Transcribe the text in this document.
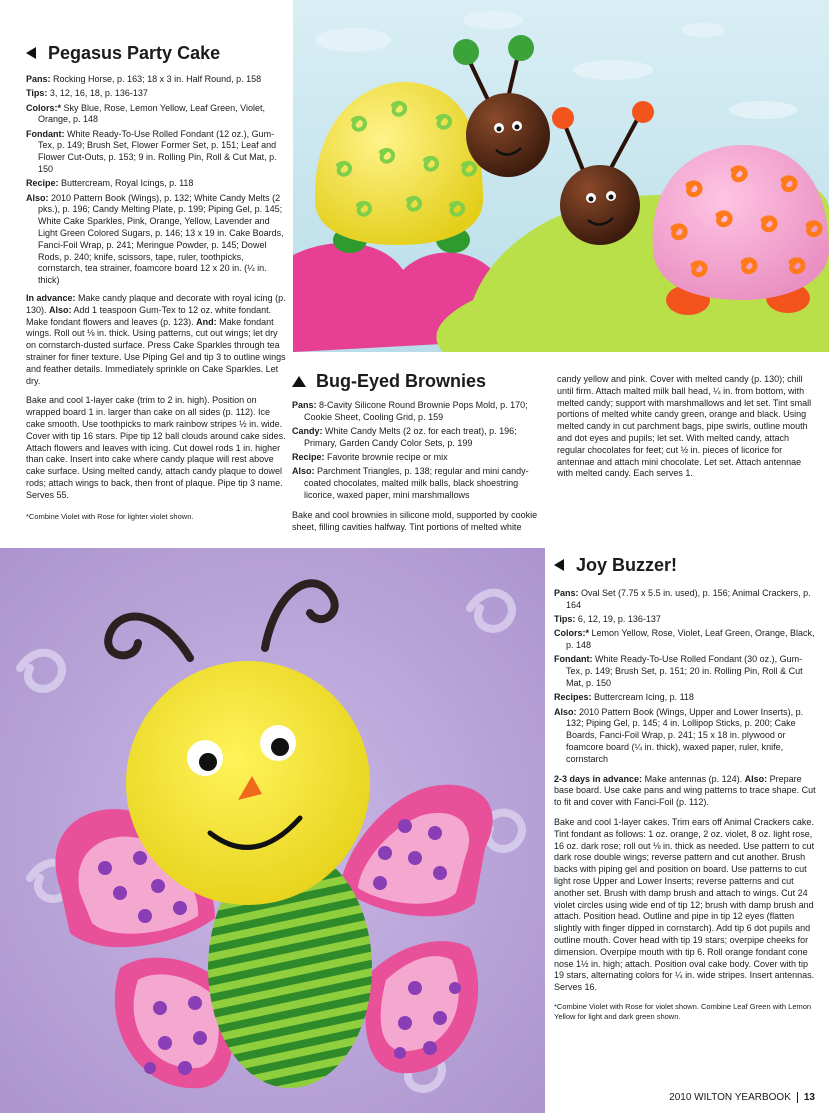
Pegasus Party Cake

Pans: Rocking Horse, p. 163; 18 x 3 in. Half Round, p. 158

Tips: 3, 12, 16, 18, p. 136-137

Colors:* Sky Blue, Rose, Lemon Yellow, Leaf Green, Violet, Orange, p. 148

Fondant: White Ready-To-Use Rolled Fondant (12 oz.), Gum-Tex, p. 149; Brush Set, Flower Former Set, p. 151; Leaf and Flower Cut-Outs, p. 153; 9 in. Rolling Pin, Roll & Cut Mat, p. 150

Recipe: Buttercream, Royal Icings, p. 118

Also: 2010 Pattern Book (Wings), p. 132; White Candy Melts (2 pks.), p. 196; Candy Melting Plate, p. 199; Piping Gel, p. 145; White Cake Sparkles, Pink, Orange, Yellow, Lavender and Light Green Colored Sugars, p. 146; 13 x 19 in. Cake Boards, Fanci-Foil Wrap, p. 241; Meringue Powder, p. 145; Dowel Rods, p. 240; knife, scissors, tape, ruler, toothpicks, cornstarch, tea strainer, foamcore board 12 x 20 in. (¼ in. thick)

In advance: Make candy plaque and decorate with royal icing (p. 130). Also: Add 1 teaspoon Gum-Tex to 12 oz. white fondant. Make fondant flowers and leaves (p. 123). And: Make fondant wings. Roll out ⅛ in. thick. Using patterns, cut out wings; let dry on cornstarch-dusted surface. Press Cake Sparkles through tea strainer for finer texture. Use Piping Gel and tip 3 to outline wings and feather details. Immediately sprinkle on Cake Sparkles. Let dry.

Bake and cool 1-layer cake (trim to 2 in. high). Position on wrapped board 1 in. larger than cake on all sides (p. 112). Ice cake smooth. Use toothpicks to mark rainbow stripes ½ in. wide. Cover with tip 16 stars. Pipe tip 12 ball clouds around cake sides. Attach flowers and leaves with icing. Cut dowel rods 1 in. higher than cake. Insert into cake where candy plaque will rest above cake surface. Using melted candy, attach candy plaque to dowel rods; attach wings to back, then front of plaque. Pipe tip 3 name. Serves 55.

*Combine Violet with Rose for lighter violet shown.

Bug-Eyed Brownies

Pans: 8-Cavity Silicone Round Brownie Pops Mold, p. 170; Cookie Sheet, Cooling Grid, p. 159

Candy: White Candy Melts (2 oz. for each treat), p. 196; Primary, Garden Candy Color Sets, p. 199

Recipe: Favorite brownie recipe or mix

Also: Parchment Triangles, p. 138; regular and mini candy-coated chocolates, malted milk balls, black shoestring licorice, waxed paper, mini marshmallows

Bake and cool brownies in silicone mold, supported by cookie sheet, filling cavities halfway. Tint portions of melted white

candy yellow and pink. Cover with melted candy (p. 130); chill until firm. Attach malted milk ball head, ¼ in. from bottom, with melted candy; support with marshmallows and let set. Tint small portions of melted white candy green, orange and black. Using melted candy in cut parchment bags, pipe swirls, outline mouth and dot eyes and pupils; let set. With melted candy, attach regular chocolates for feet; cut ½ in. pieces of licorice for antennae and attach mini chocolate. Let set. Attach antennae with melted candy. Each serves 1.

Joy Buzzer!

Pans: Oval Set (7.75 x 5.5 in. used), p. 156; Animal Crackers, p. 164

Tips: 6, 12, 19, p. 136-137

Colors:* Lemon Yellow, Rose, Violet, Leaf Green, Orange, Black, p. 148

Fondant: White Ready-To-Use Rolled Fondant (30 oz.), Gum-Tex, p. 149; Brush Set, p. 151; 20 in. Rolling Pin, Roll & Cut Mat, p. 150

Recipes: Buttercream Icing, p. 118

Also: 2010 Pattern Book (Wings, Upper and Lower Inserts), p. 132; Piping Gel, p. 145; 4 in. Lollipop Sticks, p. 200; Cake Boards, Fanci-Foil Wrap, p. 241; 15 x 18 in. plywood or foamcore board (¼ in. thick), waxed paper, ruler, knife, cornstarch

2-3 days in advance: Make antennas (p. 124). Also: Prepare base board. Use cake pans and wing patterns to trace shape. Cut to fit and cover with Fanci-Foil (p. 112).

Bake and cool 1-layer cakes. Trim ears off Animal Crackers cake. Tint fondant as follows: 1 oz. orange, 2 oz. violet, 8 oz. light rose, 16 oz. dark rose; roll out ⅛ in. thick as needed. Use pattern to cut dark rose double wings; reverse pattern and cut another. Brush backs with piping gel and position on board. Use patterns to cut light rose Upper and Lower Inserts; reverse patterns and cut another set. Brush with damp brush and attach to wings. Cut 24 violet circles using wide end of tip 12; brush with damp brush and attach. Position head. Outline and pipe in tip 12 eyes (flatten slightly with finger dipped in cornstarch). Add tip 6 dot pupils and outline mouth. Cover head with tip 19 stars; overpipe cheeks for dimension. Overpipe mouth with tip 6. Roll orange fondant cone nose 1½ in. high; attach. Position oval cake body. Cover with tip 19 stars, alternating colors for ¼ in. wide stripes. Insert antennas. Serves 16.

*Combine Violet with Rose for violet shown. Combine Leaf Green with Lemon Yellow for light and dark green shown.

2010 WILTON YEARBOOK 13
